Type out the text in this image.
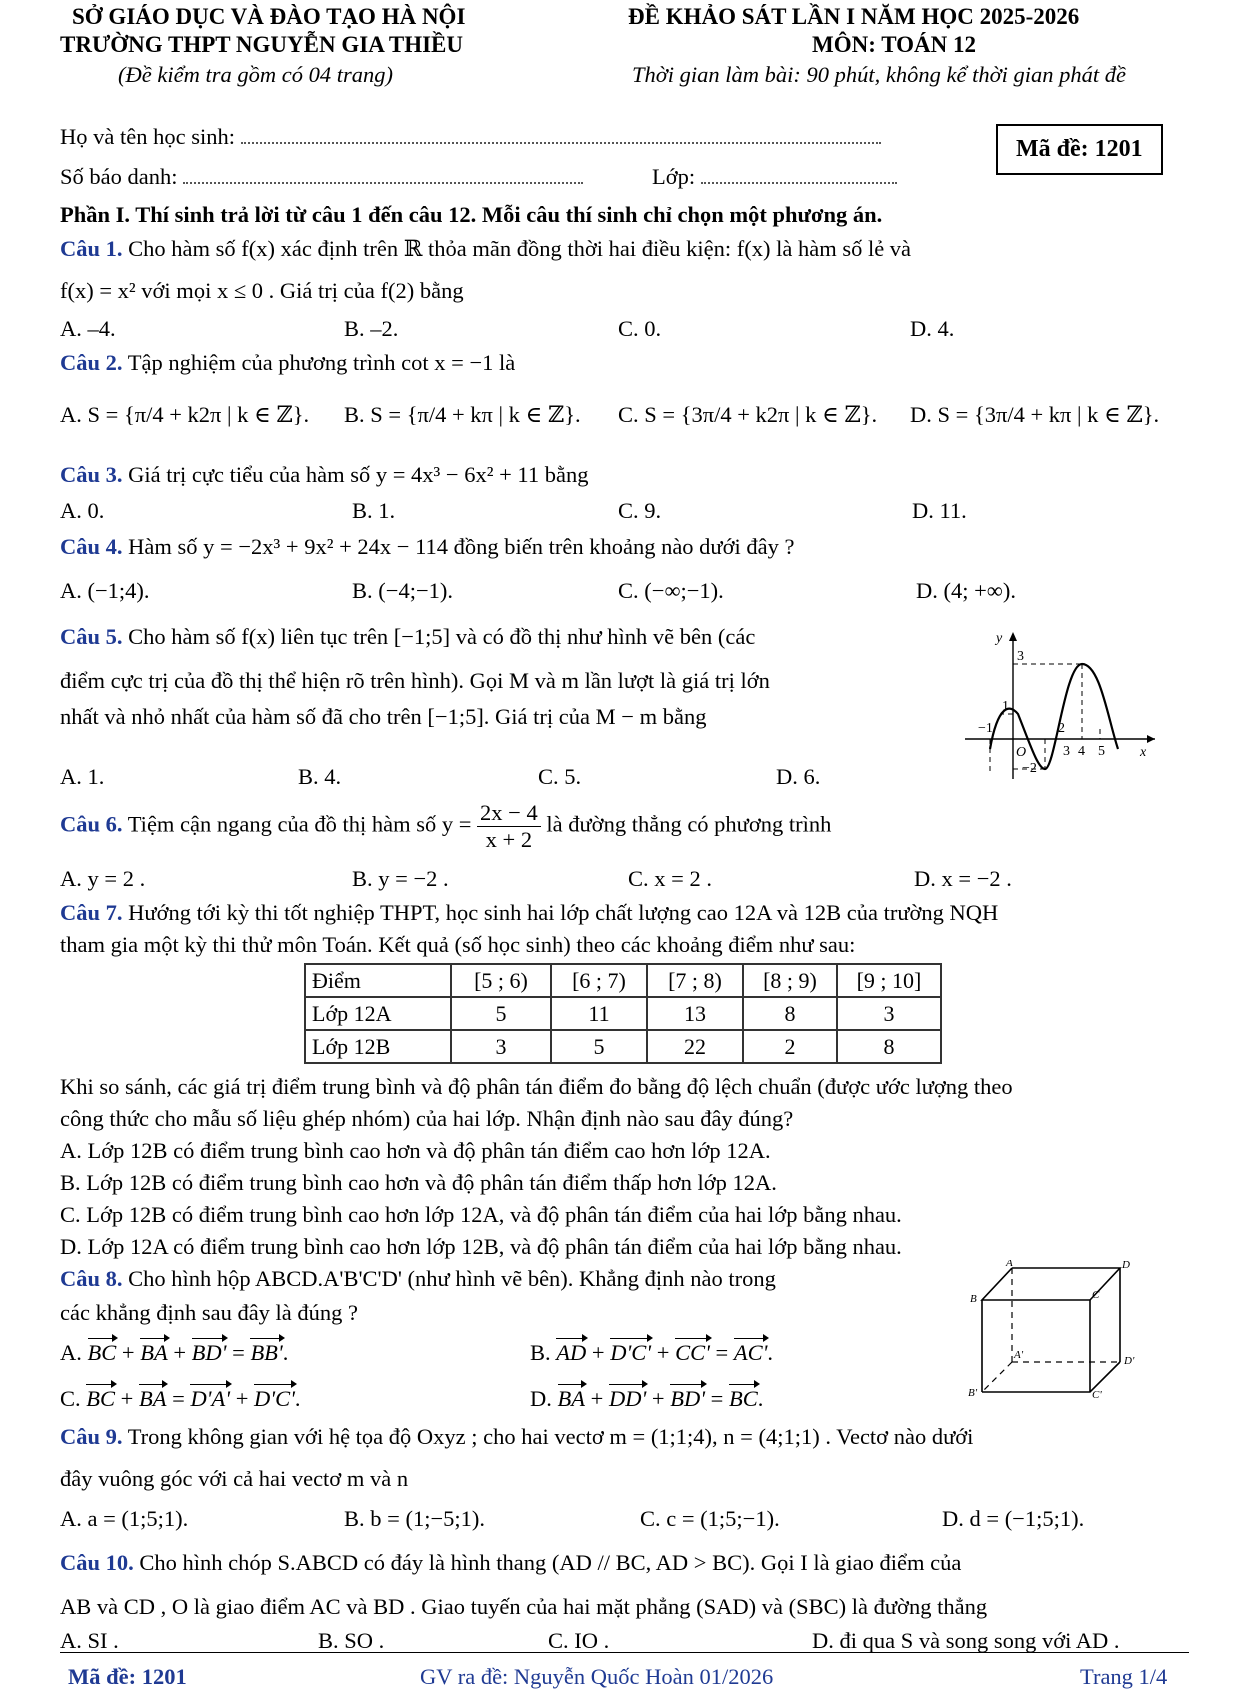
SỞ GIÁO DỤC VÀ ĐÀO TẠO HÀ NỘI
TRƯỜNG THPT NGUYỄN GIA THIỀU
(Đề kiểm tra gồm có 04 trang)
ĐỀ KHẢO SÁT LẦN I NĂM HỌC 2025-2026
MÔN: TOÁN 12
Thời gian làm bài: 90 phút, không kể thời gian phát đề
Họ và tên học sinh:
Số báo danh:	Lớp:
Mã đề: 1201
Phần I. Thí sinh trả lời từ câu 1 đến câu 12. Mỗi câu thí sinh chỉ chọn một phương án.
Câu 1. Cho hàm số f(x) xác định trên ℝ thỏa mãn đồng thời hai điều kiện: f(x) là hàm số lẻ và
f(x) = x² với mọi x ≤ 0 . Giá trị của f(2) bằng
A. –4.	B. –2.	C. 0.	D. 4.
Câu 2. Tập nghiệm của phương trình cot x = −1 là
A. S = {π/4 + k2π | k ∈ ℤ}. B. S = {π/4 + kπ | k ∈ ℤ}. C. S = {3π/4 + k2π | k ∈ ℤ}. D. S = {3π/4 + kπ | k ∈ ℤ}.
Câu 3. Giá trị cực tiểu của hàm số y = 4x³ − 6x² + 11 bằng
A. 0.	B. 1.	C. 9.	D. 11.
Câu 4. Hàm số y = −2x³ + 9x² + 24x − 114 đồng biến trên khoảng nào dưới đây ?
A. (−1;4).	B. (−4;−1).	C. (−∞;−1).	D. (4; +∞).
Câu 5. Cho hàm số f(x) liên tục trên [−1;5] và có đồ thị như hình vẽ bên (các
điểm cực trị của đồ thị thể hiện rõ trên hình). Gọi M và m lần lượt là giá trị lớn
nhất và nhỏ nhất của hàm số đã cho trên [−1;5]. Giá trị của M − m bằng
A. 1.	B. 4.	C. 5.	D. 6.
y
3
1
−1	2
O	3 4 5	x
−2
Câu 6. Tiệm cận ngang của đồ thị hàm số $y = \frac{2x - 4}{x + 2}$ là đường thẳng có phương trình
A. y = 2 .	B. y = −2 .	C. x = 2 .	D. x = −2 .
Câu 7. Hướng tới kỳ thi tốt nghiệp THPT, học sinh hai lớp chất lượng cao 12A và 12B của trường NQH
tham gia một kỳ thi thử môn Toán. Kết quả (số học sinh) theo các khoảng điểm như sau:
Điểm	[5 ; 6)	[6 ; 7)	[7 ; 8)	[8 ; 9)	[9 ; 10]
Lớp 12A	5	11	13	8	3
Lớp 12B	3	5	22	2	8
Khi so sánh, các giá trị điểm trung bình và độ phân tán điểm đo bằng độ lệch chuẩn (được ước lượng theo
công thức cho mẫu số liệu ghép nhóm) của hai lớp. Nhận định nào sau đây đúng?
A. Lớp 12B có điểm trung bình cao hơn và độ phân tán điểm cao hơn lớp 12A.
B. Lớp 12B có điểm trung bình cao hơn và độ phân tán điểm thấp hơn lớp 12A.
C. Lớp 12B có điểm trung bình cao hơn lớp 12A, và độ phân tán điểm của hai lớp bằng nhau.
D. Lớp 12A có điểm trung bình cao hơn lớp 12B, và độ phân tán điểm của hai lớp bằng nhau.
Câu 8. Cho hình hộp ABCD.A'B'C'D' (như hình vẽ bên). Khẳng định nào trong
các khẳng định sau đây là đúng ?
A. BC + BA + BD' = BB'.	B. AD + D'C' + CC' = AC'.
C. BC + BA = D'A' + D'C'.	D. BA + DD' + BD' = BC.
A	D
B	C
A'	D'
B'	C'
Câu 9. Trong không gian với hệ tọa độ Oxyz ; cho hai vectơ m = (1;1;4), n = (4;1;1) . Vectơ nào dưới
đây vuông góc với cả hai vectơ m và n
A. a = (1;5;1).	B. b = (1;−5;1).	C. c = (1;5;−1).	D. d = (−1;5;1).
Câu 10. Cho hình chóp S.ABCD có đáy là hình thang (AD // BC, AD > BC). Gọi I là giao điểm của
AB và CD , O là giao điểm AC và BD . Giao tuyến của hai mặt phẳng (SAD) và (SBC) là đường thẳng
A. SI .	B. SO .	C. IO .	D. đi qua S và song song với AD .
Mã đề: 1201	GV ra đề: Nguyễn Quốc Hoàn 01/2026	Trang 1/4
